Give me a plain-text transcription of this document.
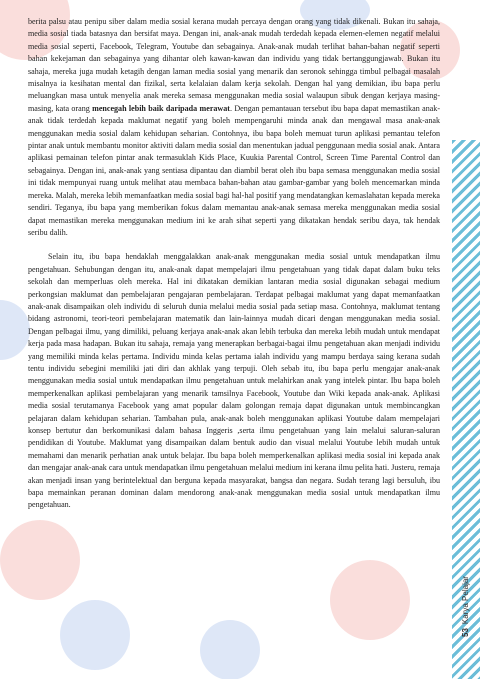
berita palsu atau penipu siber dalam media sosial kerana mudah percaya dengan orang yang tidak dikenali. Bukan itu sahaja, media sosial tiada batasnya dan bersifat maya. Dengan ini, anak-anak mudah terdedah kepada elemen-elemen negatif melalui media sosial seperti, Facebook, Telegram, Youtube dan sebagainya. Anak-anak mudah terlihat bahan-bahan negatif seperti bahan kekejaman dan sebagainya yang dihantar oleh kawan-kawan dan individu yang tidak bertanggungjawab. Bukan itu sahaja, mereka juga mudah ketagih dengan laman media sosial yang menarik dan seronok sehingga timbul pelbagai masalah misalnya ia kesihatan mental dan fizikal, serta kelalaian dalam kerja sekolah. Dengan hal yang demikian, ibu bapa perlu meluangkan masa untuk menyelia anak mereka semasa menggunakan media sosial walaupun sibuk dengan kerjaya masing-masing, kata orang mencegah lebih baik daripada merawat. Dengan pemantauan tersebut ibu bapa dapat memastikan anak-anak tidak terdedah kepada maklumat negatif yang boleh mempengaruhi minda anak dan mengawal masa anak-anak menggunakan media sosial dalam kehidupan seharian. Contohnya, ibu bapa boleh memuat turun aplikasi pemantau telefon pintar anak untuk membantu monitor aktiviti dalam media sosial dan menentukan jadual penggunaan media sosial anak. Antara aplikasi pemainan telefon pintar anak termasuklah Kids Place, Kuukia Parental Control, Screen Time Parental Control dan sebagainya. Dengan ini, anak-anak yang sentiasa dipantau dan diambil berat oleh ibu bapa semasa menggunakan media sosial ini tidak mempunyai ruang untuk melihat atau membaca bahan-bahan atau gambar-gambar yang boleh mencemarkan minda mereka. Malah, mereka lebih memanfaatkan media sosial bagi hal-hal positif yang mendatangkan kemaslahatan kepada mereka sendiri. Teganya, ibu bapa yang memberikan fokus dalam memantau anak-anak semasa mereka menggunakan media sosial dapat memastikan mereka menggunakan medium ini ke arah sihat seperti yang dikatakan hendak seribu daya, tak hendak seribu dalih.

Selain itu, ibu bapa hendaklah menggalakkan anak-anak menggunakan media sosial untuk mendapatkan ilmu pengetahuan. Sehubungan dengan itu, anak-anak dapat mempelajari ilmu pengetahuan yang tidak dapat dalam buku teks sekolah dan memperluas oleh mereka. Hal ini dikatakan demikian lantaran media sosial digunakan sebagai medium perkongsian maklumat dan pembelajaran pengajaran pembelajaran. Terdapat pelbagai maklumat yang dapat memanfaatkan anak-anak disampaikan oleh individu di seluruh dunia melalui media sosial pada setiap masa. Contohnya, maklumat tentang bidang astronomi, teori-teori pembelajaran matematik dan lain-lainnya mudah dicari dengan menggunakan media sosial. Dengan pelbagai ilmu, yang dimiliki, peluang kerjaya anak-anak akan lebih terbuka dan mereka lebih mudah untuk mendapat kerja pada masa hadapan. Bukan itu sahaja, remaja yang menerapkan berbagai-bagai ilmu pengetahuan akan menjadi individu yang memiliki minda kelas pertama. Individu minda kelas pertama ialah individu yang mampu berdaya saing kerana sudah tentu individu sebegini memiliki jati diri dan akhlak yang terpuji. Oleh sebab itu, ibu bapa perlu mengajar anak-anak menggunakan media sosial untuk mendapatkan ilmu pengetahuan untuk melahirkan anak yang intelek pintar. Ibu bapa boleh memperkenalkan aplikasi pembelajaran yang menarik tamsilnya Facebook, Youtube dan Wiki kepada anak-anak. Aplikasi media sosial terutamanya Facebook yang amat popular dalam golongan remaja dapat digunakan untuk membincangkan pelajaran dalam kehidupan seharian. Tambahan pula, anak-anak boleh menggunakan aplikasi Youtube dalam mempelajari konsep bertutur dan berkomunikasi dalam bahasa Inggeris ,serta ilmu pengetahuan yang lain melalui saluran-saluran pendidikan di Youtube. Maklumat yang disampaikan dalam bentuk audio dan visual melalui Youtube lebih mudah untuk memahami dan menarik perhatian anak untuk belajar. Ibu bapa boleh memperkenalkan aplikasi media sosial ini kepada anak dan mengajar anak-anak cara untuk mendapatkan ilmu pengetahuan melalui medium ini kerana ilmu pelita hati. Justeru, remaja akan menjadi insan yang berintelektual dan berguna kepada masyarakat, bangsa dan negara. Sudah terang lagi bersuluh, ibu bapa memainkan peranan dominan dalam mendorong anak-anak menggunakan media sosial untuk mendapatkan ilmu pengetahuan.

53
Karya Pelajar
